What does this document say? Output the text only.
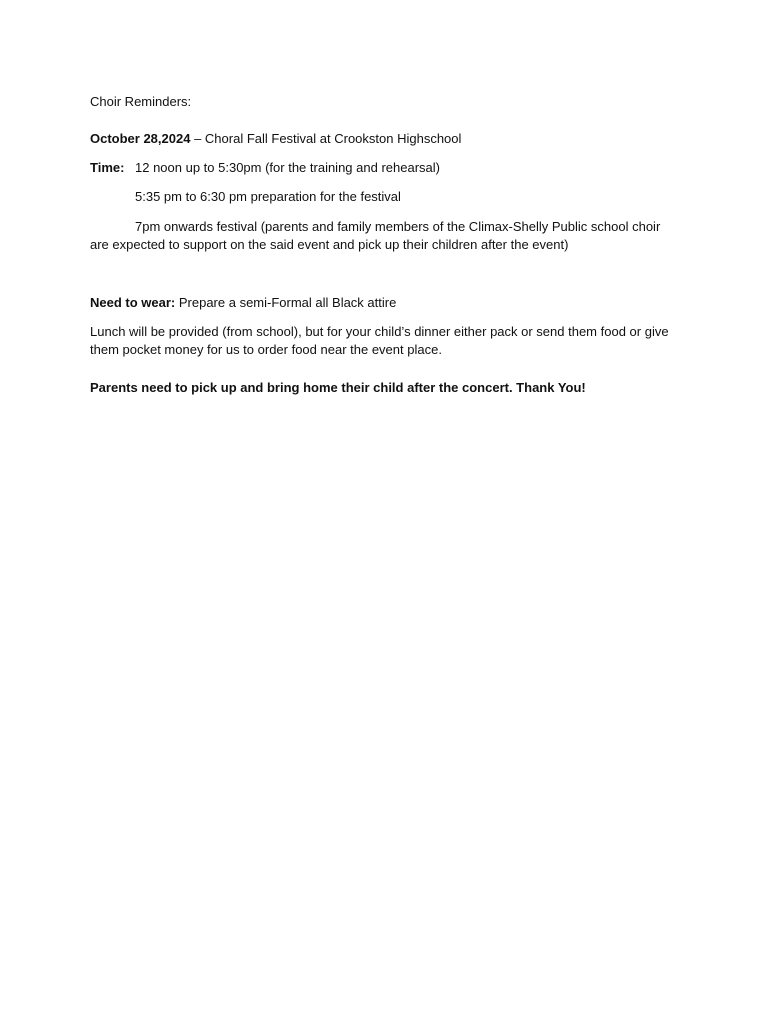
Choir Reminders:
October 28,2024 – Choral Fall Festival at Crookston Highschool
Time: 12 noon up to 5:30pm (for the training and rehearsal)
5:35 pm to 6:30 pm preparation for the festival
7pm onwards festival (parents and family members of the Climax-Shelly Public school choir are expected to support on the said event and pick up their children after the event)
Need to wear: Prepare a semi-Formal all Black attire
Lunch will be provided (from school), but for your child’s dinner either pack or send them food or give them pocket money for us to order food near the event place.
Parents need to pick up and bring home their child after the concert. Thank You!
